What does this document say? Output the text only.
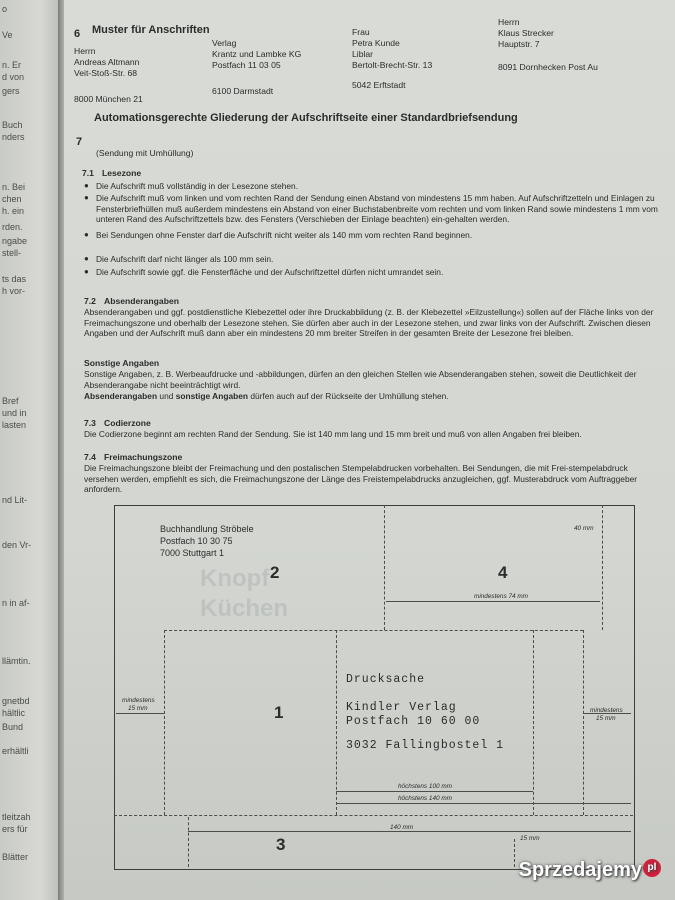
o
Ve
n. Er
d von
gers
Buch
nders
n. Bei
chen
h. ein
rden.
ngabe
stell-
ts das
h vor-
Bref
und in
lasten
nd Lit-
den Vr-
n in af-
llämtin.
gnetbd
hältlic
Bund
erhältli
tleitzah
ers für
Blätter
6 Muster für Anschriften
Herrn
Andreas Altmann
Veit-Stoß-Str. 68
8000 München 21
Verlag
Krantz und Lambke KG
Postfach 11 03 05
6100 Darmstadt
Frau
Petra Kunde
Liblar
Bertolt-Brecht-Str. 13
5042 Erftstadt
Herrn
Klaus Strecker
Hauptstr. 7
8091 Dornhecken Post Au
7
Automationsgerechte Gliederung der Aufschriftseite einer Standardbriefsendung
(Sendung mit Umhüllung)
7.1 Lesezone
● Die Aufschrift muß vollständig in der Lesezone stehen.
● Die Aufschrift muß vom linken und vom rechten Rand der Sendung einen Abstand von mindestens 15 mm haben. Auf Aufschriftzetteln und Einlagen zu Fensterbriefhüllen muß außerdem mindestens ein Abstand von einer Buchstabenbreite vom rechten und vom linken Rand sowie mindestens 1 mm vom unteren Rand des Aufschriftzettels bzw. des Fensters (Verschieben der Einlage beachten) ein-gehalten werden.
● Bei Sendungen ohne Fenster darf die Aufschrift nicht weiter als 140 mm vom rechten Rand beginnen.
● Die Aufschrift darf nicht länger als 100 mm sein.
● Die Aufschrift sowie ggf. die Fensterfläche und der Aufschriftzettel dürfen nicht umrandet sein.
7.2 Absenderangaben
Absenderangaben und ggf. postdienstliche Klebezettel oder ihre Druckabbildung (z. B. der Klebezettel »Eilzustellung«) sollen auf der Fläche links von der Freimachungszone und oberhalb der Lesezone stehen. Sie dürfen aber auch in der Lesezone stehen, und zwar links von der Aufschrift. Zwischen diesen Angaben und der Aufschrift muß dann aber ein mindestens 20 mm breiter Streifen in der gesamten Breite der Lesezone frei bleiben.
Sonstige Angaben
Sonstige Angaben, z. B. Werbeaufdrucke und -abbildungen, dürfen an den gleichen Stellen wie Absenderangaben stehen, soweit die Deutlichkeit der Absenderangabe nicht beeinträchtigt wird.
Absenderangaben und sonstige Angaben dürfen auch auf der Rückseite der Umhüllung stehen.
7.3 Codierzone
Die Codierzone beginnt am rechten Rand der Sendung. Sie ist 140 mm lang und 15 mm breit und muß von allen Angaben frei bleiben.
7.4 Freimachungszone
Die Freimachungszone bleibt der Freimachung und den postalischen Stempelabdrucken vorbehalten. Bei Sendungen, die mit Frei-stempelabdruck versehen werden, empfiehlt es sich, die Freimachungszone der Länge des Freistempelabdrucks anzugleichen, ggf. Musterabdruck vom Auftraggeber anfordern.
Knopf
Küchen
Buchhandlung Ströbele
Postfach 10 30 75
7000 Stuttgart 1
2	4
1
3
Drucksache
Kindler Verlag
Postfach 10 60 00
3032 Fallingbostel 1
40 mm
mindestens 74 mm
mindestens
15 mm	mindestens
15 mm
höchstens 100 mm
höchstens 140 mm
140 mm
15 mm
Sprzedajemy pl
